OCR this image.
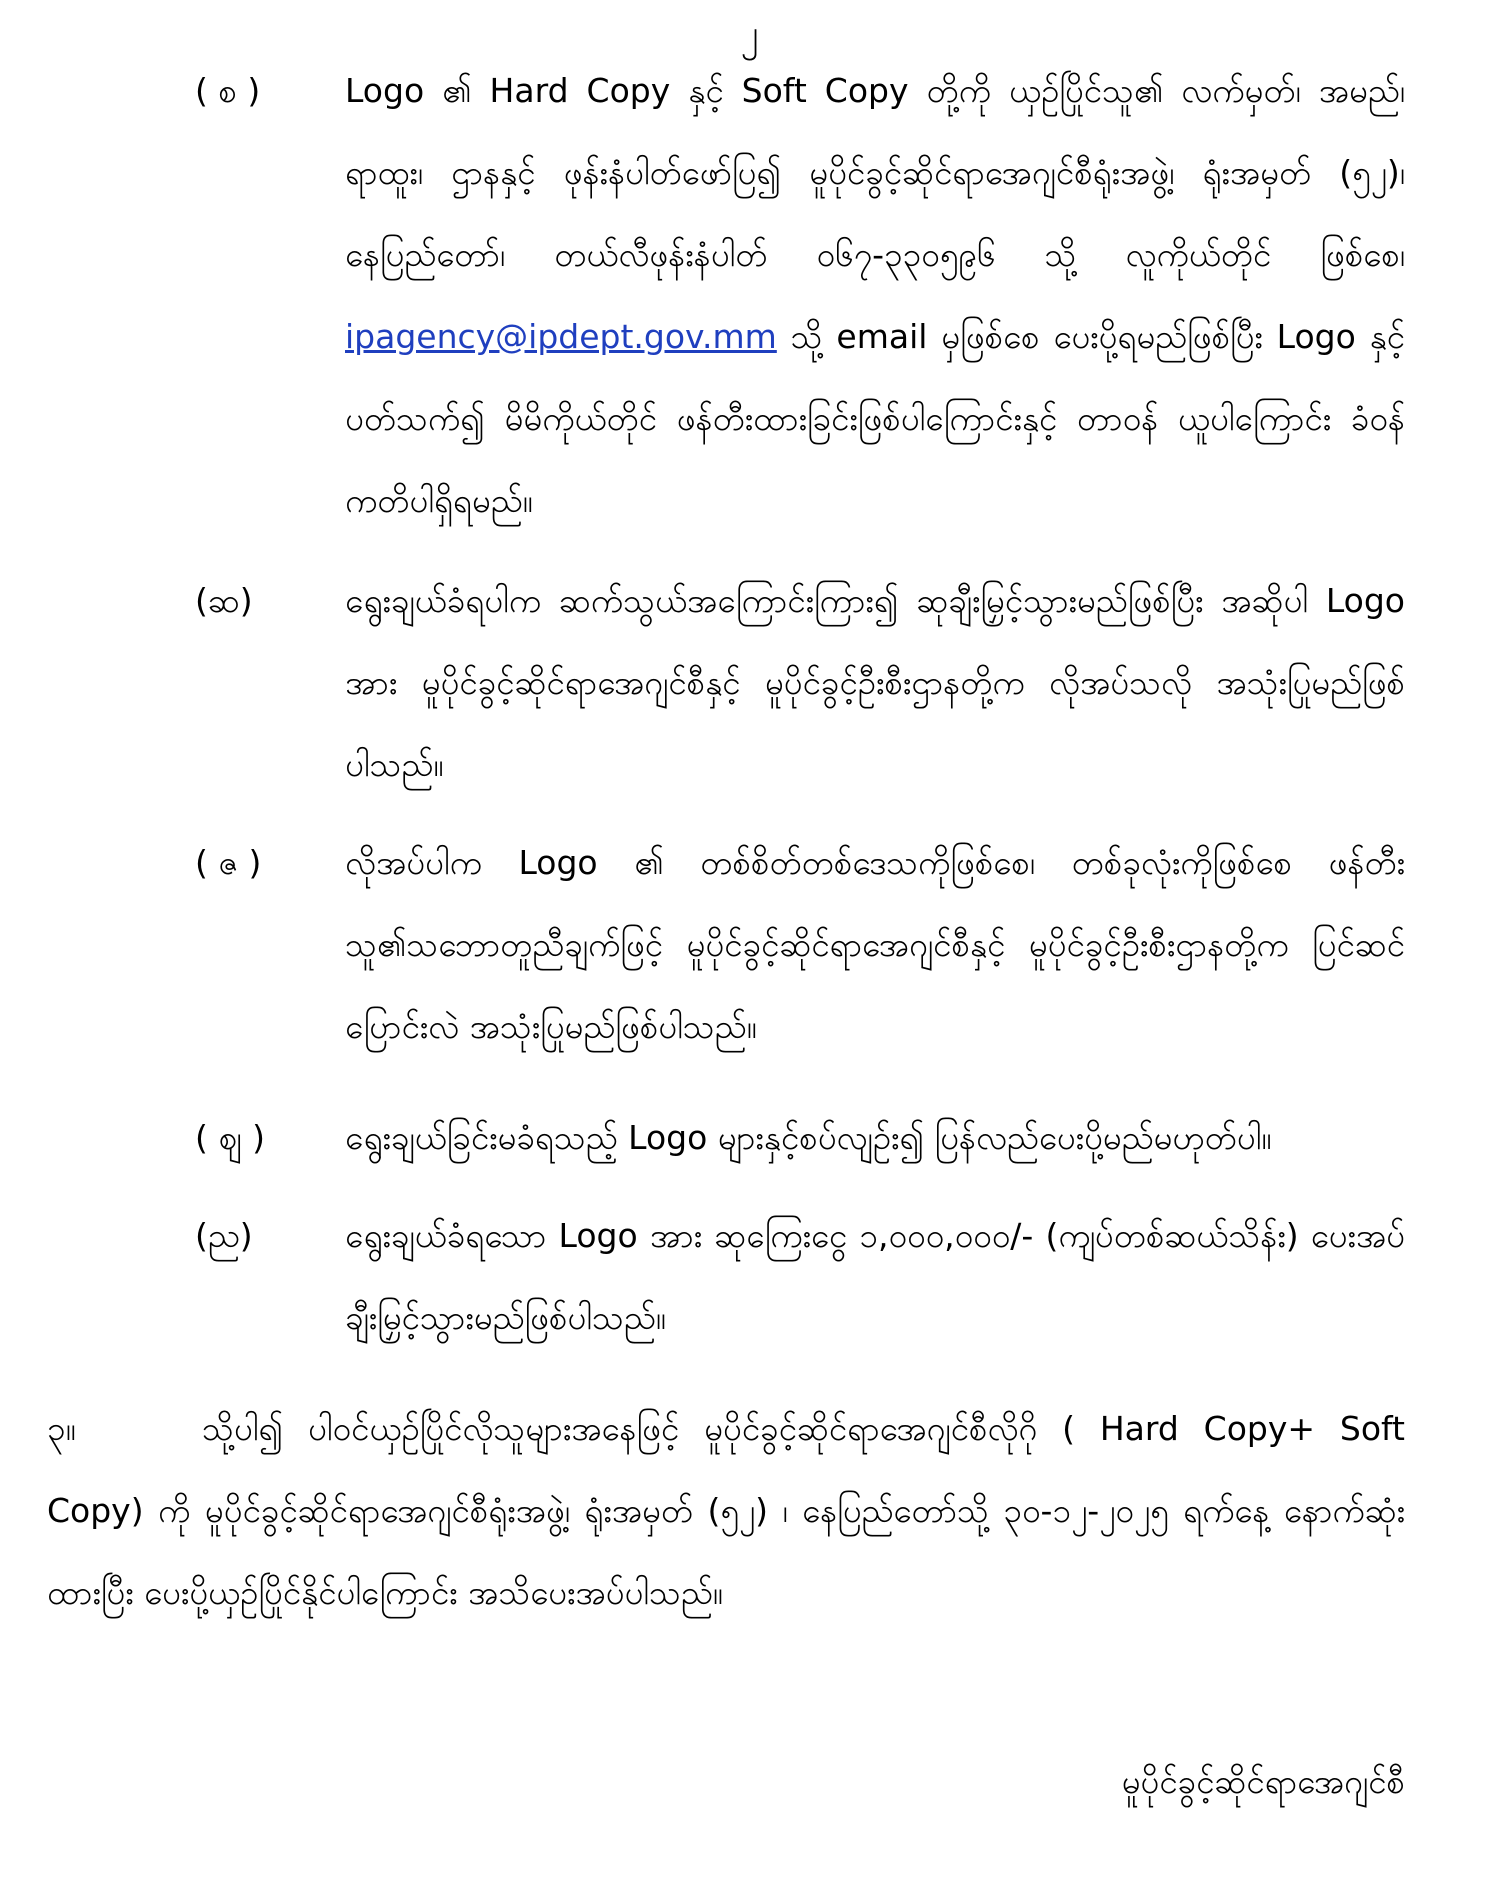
၂
( စ )	Logo ၏ Hard Copy နှင့် Soft Copy တို့ကို ယှဉ်ပြိုင်သူ၏ လက်မှတ်၊ အမည်၊ ရာထူး၊ ဌာနနှင့် ဖုန်းနံပါတ်ဖော်ပြ၍ မူပိုင်ခွင့်ဆိုင်ရာအေဂျင်စီရုံးအဖွဲ့၊ ရုံးအမှတ် (၅၂)၊ နေပြည်တော်၊ တယ်လီဖုန်းနံပါတ် ၀၆၇-၃၃၀၅၉၆ သို့ လူကိုယ်တိုင် ဖြစ်စေ၊ ipagency@ipdept.gov.mm သို့ email မှဖြစ်စေ ပေးပို့ရမည်ဖြစ်ပြီး Logo နှင့်ပတ်သက်၍ မိမိကိုယ်တိုင် ဖန်တီးထားခြင်းဖြစ်ပါကြောင်းနှင့် တာ၀န် ယူပါကြောင်း ခံ၀န်ကတိပါရှိရမည်။
(ဆ)	ရွေးချယ်ခံရပါက ဆက်သွယ်အကြောင်းကြား၍ ဆုချီးမြှင့်သွားမည်ဖြစ်ပြီး အဆိုပါ Logo အား မူပိုင်ခွင့်ဆိုင်ရာအေဂျင်စီနှင့် မူပိုင်ခွင့်ဦးစီးဌာနတို့က လိုအပ်သလို အသုံးပြုမည်ဖြစ်ပါသည်။
( ဇ )	လိုအပ်ပါက Logo ၏ တစ်စိတ်တစ်ဒေသကိုဖြစ်စေ၊ တစ်ခုလုံးကိုဖြစ်စေ ဖန်တီး သူ၏သဘောတူညီချက်ဖြင့် မူပိုင်ခွင့်ဆိုင်ရာအေဂျင်စီနှင့် မူပိုင်ခွင့်ဦးစီးဌာနတို့က ပြင်ဆင်ပြောင်းလဲ အသုံးပြုမည်ဖြစ်ပါသည်။
( ဈ )	ရွေးချယ်ခြင်းမခံရသည့် Logo များနှင့်စပ်လျဉ်း၍ ပြန်လည်ပေးပို့မည်မဟုတ်ပါ။
(ည)	ရွေးချယ်ခံရသော Logo အား ဆုကြေးငွေ ၁,၀၀၀,၀၀၀/- (ကျပ်တစ်ဆယ်သိန်း) ပေးအပ်ချီးမြှင့်သွားမည်ဖြစ်ပါသည်။
၃။	သို့ပါ၍ ပါ၀င်ယှဉ်ပြိုင်လိုသူများအနေဖြင့် မူပိုင်ခွင့်ဆိုင်ရာအေဂျင်စီလိုဂို ( Hard Copy+ Soft Copy) ကို မူပိုင်ခွင့်ဆိုင်ရာအေဂျင်စီရုံးအဖွဲ့၊ ရုံးအမှတ် (၅၂) ၊ နေပြည်တော်သို့ ၃၀-၁၂-၂၀၂၅ ရက်နေ့ နောက်ဆုံးထားပြီး ပေးပို့ယှဉ်ပြိုင်နိုင်ပါကြောင်း အသိပေးအပ်ပါသည်။
မူပိုင်ခွင့်ဆိုင်ရာအေဂျင်စီ
